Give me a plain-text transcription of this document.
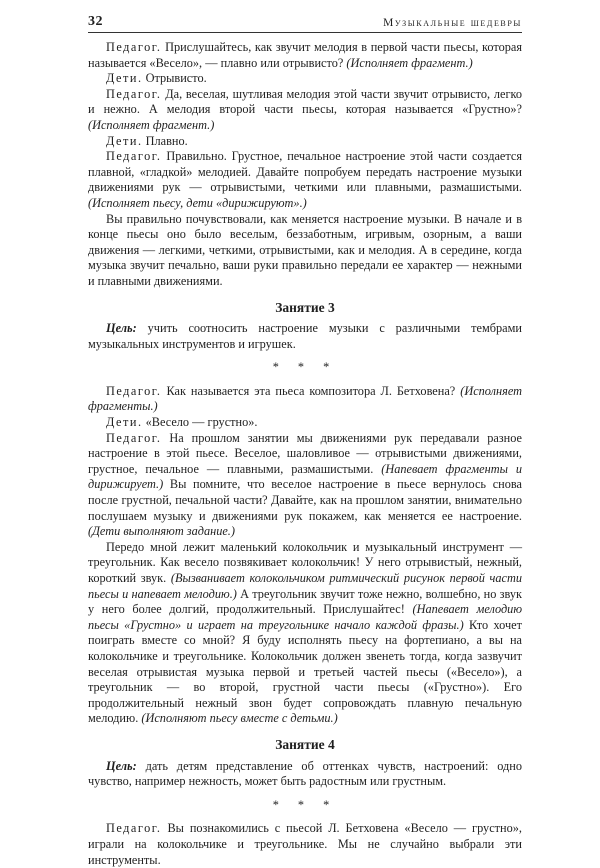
32	Музыкальные шедевры

Педагог. Прислушайтесь, как звучит мелодия в первой части пьесы, которая называется «Весело», — плавно или отрывисто? (Исполняет фрагмент.)

Дети. Отрывисто.

Педагог. Да, веселая, шутливая мелодия этой части звучит отрывисто, легко и нежно. А мелодия второй части пьесы, которая называется «Грустно»? (Исполняет фрагмент.)

Дети. Плавно.

Педагог. Правильно. Грустное, печальное настроение этой части создается плавной, «гладкой» мелодией. Давайте попробуем передать настроение музыки движениями рук — отрывистыми, четкими или плавными, размашистыми. (Исполняет пьесу, дети «дирижируют».)

Вы правильно почувствовали, как меняется настроение музыки. В начале и в конце пьесы оно было веселым, беззаботным, игривым, озорным, а ваши движения — легкими, четкими, отрывистыми, как и мелодия. А в середине, когда музыка звучит печально, ваши руки правильно передали ее характер — нежными и плавными движениями.

Занятие 3

Цель: учить соотносить настроение музыки с различными тембрами музыкальных инструментов и игрушек.

* * *

Педагог. Как называется эта пьеса композитора Л. Бетховена? (Исполняет фрагменты.)

Дети. «Весело — грустно».

Педагог. На прошлом занятии мы движениями рук передавали разное настроение в этой пьесе. Веселое, шаловливое — отрывистыми движениями, грустное, печальное — плавными, размашистыми. (Напевает фрагменты и дирижирует.) Вы помните, что веселое настроение в пьесе вернулось снова после грустной, печальной части? Давайте, как на прошлом занятии, внимательно послушаем музыку и движениями рук покажем, как меняется ее настроение. (Дети выполняют задание.)

Передо мной лежит маленький колокольчик и музыкальный инструмент — треугольник. Как весело позвякивает колокольчик! У него отрывистый, нежный, короткий звук. (Вызванивает колокольчиком ритмический рисунок первой части пьесы и напевает мелодию.) А треугольник звучит тоже нежно, волшебно, но звук у него более долгий, продолжительный. Прислушайтес! (Напевает мелодию пьесы «Грустно» и играет на треугольнике начало каждой фразы.) Кто хочет поиграть вместе со мной? Я буду исполнять пьесу на фортепиано, а вы на колокольчике и треугольнике. Колокольчик должен звенеть тогда, когда зазвучит веселая отрывистая музыка первой и третьей частей пьесы («Весело»), а треугольник — во второй, грустной части пьесы («Грустно»). Его продолжительный нежный звон будет сопровождать плавную печальную мелодию. (Исполняют пьесу вместе с детьми.)

Занятие 4

Цель: дать детям представление об оттенках чувств, настроений: одно чувство, например нежность, может быть радостным или грустным.

* * *

Педагог. Вы познакомились с пьесой Л. Бетховена «Весело — грустно», играли на колокольчике и треугольнике. Мы не случайно выбрали эти инструменты.
